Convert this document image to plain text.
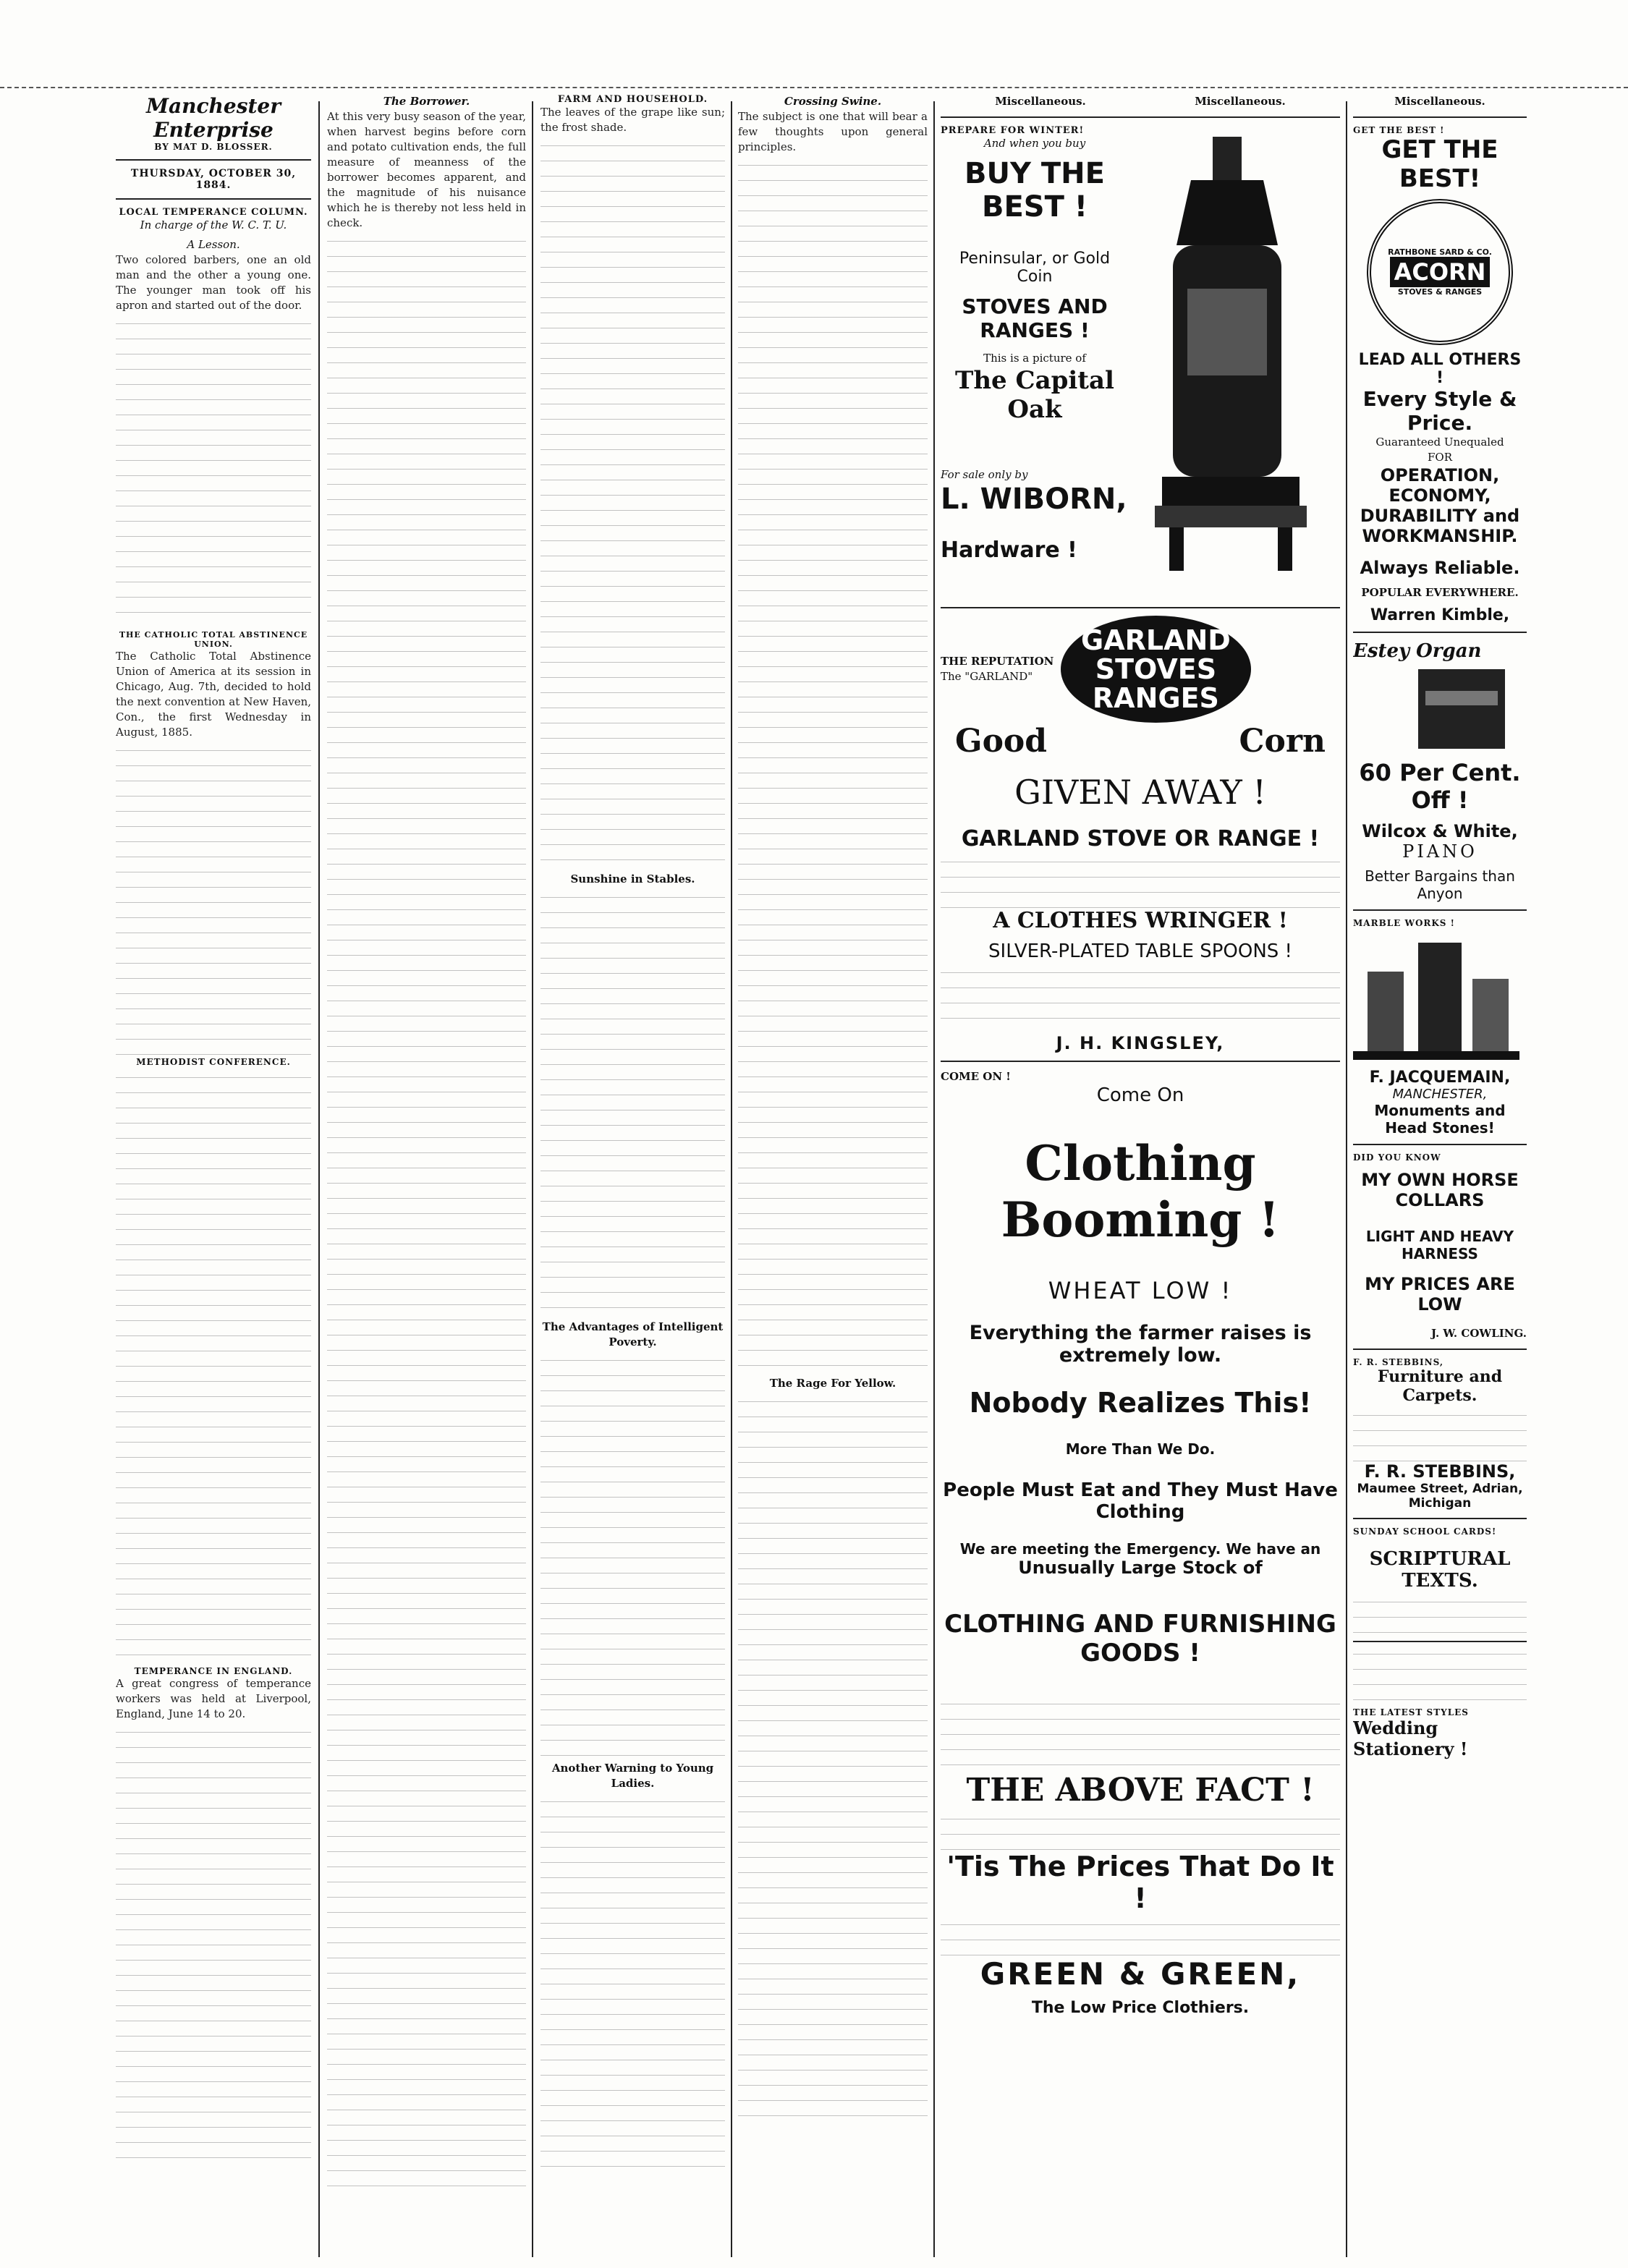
Manchester Enterprise
BY MAT D. BLOSSER.
THURSDAY, OCTOBER 30, 1884.
LOCAL TEMPERANCE COLUMN.
In charge of the W. C. T. U.
A Lesson.
Two colored barbers, one an old man and the other a young one. The younger man took off his apron and started out of the door.
THE CATHOLIC TOTAL ABSTINENCE UNION.
The Catholic Total Abstinence Union of America at its session in Chicago, Aug. 7th, decided to hold the next convention at New Haven, Con., the first Wednesday in August, 1885.
METHODIST CONFERENCE.
TEMPERANCE IN ENGLAND.
A great congress of temperance workers was held at Liverpool, England, June 14 to 20.
The Borrower.
At this very busy season of the year, when harvest begins before corn and potato cultivation ends, the full measure of meanness of the borrower becomes apparent, and the magnitude of his nuisance which he is thereby not less held in check.
FARM AND HOUSEHOLD.
The leaves of the grape like sun; the frost shade.
Sunshine in Stables.
The Advantages of Intelligent Poverty.
Another Warning to Young Ladies.
Crossing Swine.
The subject is one that will bear a few thoughts upon general principles.
The Rage For Yellow.
Miscellaneous.	Miscellaneous.
PREPARE FOR WINTER!
And when you buy
BUY THE BEST !
Peninsular, or Gold Coin
STOVES AND RANGES !
This is a picture of
The Capital Oak
For sale only by
L. WIBORN,
Hardware !
THE REPUTATION
The "GARLAND"
GARLAND
STOVES
RANGES
Good	Corn
GIVEN AWAY !
GARLAND STOVE OR RANGE !
A CLOTHES WRINGER !
SILVER-PLATED TABLE SPOONS !
J. H. KINGSLEY,
COME ON !
Come On
Clothing Booming !
WHEAT LOW !
Everything the farmer raises is extremely low.
Nobody Realizes This!
More Than We Do.
People Must Eat and They Must Have Clothing
We are meeting the Emergency. We have an
Unusually Large Stock of
CLOTHING AND FURNISHING GOODS !
THE ABOVE FACT !
'Tis The Prices That Do It !
GREEN & GREEN,
The Low Price Clothiers.
Miscellaneous.
GET THE BEST !
GET THE BEST!
RATHBONE SARD & CO.
ACORN
STOVES & RANGES
LEAD ALL OTHERS !
Every Style & Price.
Guaranteed Unequaled
FOR
OPERATION,
ECONOMY,
DURABILITY and
WORKMANSHIP.
Always Reliable.
POPULAR EVERYWHERE.
Warren Kimble,
Estey Organ
60 Per Cent. Off !
Wilcox & White,
PIANO
Better Bargains than Anyon
MARBLE WORKS !
F. JACQUEMAIN,
MANCHESTER,
Monuments and Head Stones!
DID YOU KNOW
MY OWN HORSE COLLARS
LIGHT AND HEAVY HARNESS
MY PRICES ARE LOW
J. W. COWLING.
F. R. STEBBINS,
Furniture and Carpets.
F. R. STEBBINS,
Maumee Street, Adrian, Michigan
SUNDAY SCHOOL CARDS!
SCRIPTURAL TEXTS.
THE LATEST STYLES
Wedding Stationery !
